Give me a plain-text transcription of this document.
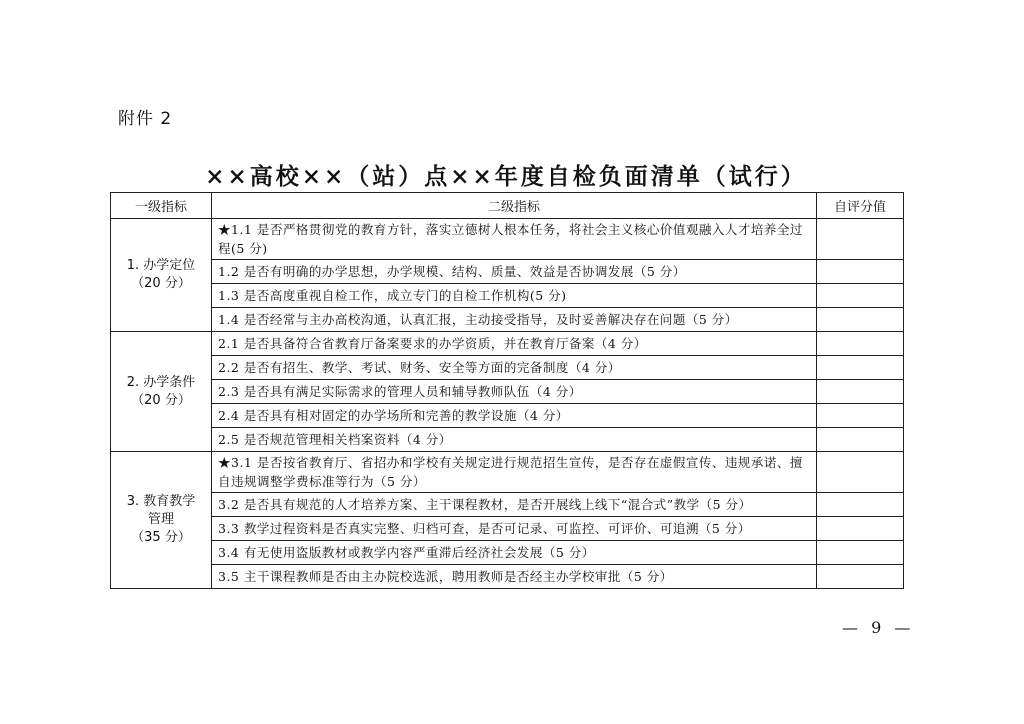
附件 2
××高校××（站）点××年度自检负面清单（试行）
一级指标	二级指标	自评分值

1. 办学定位
（20 分）	★1.1 是否严格贯彻党的教育方针，落实立德树人根本任务，将社会主义核心价值观融入人才培养全过程(5 分)	
	1.2 是否有明确的办学思想，办学规模、结构、质量、效益是否协调发展（5 分）	
	1.3 是否高度重视自检工作，成立专门的自检工作机构(5 分)	
	1.4 是否经常与主办高校沟通，认真汇报，主动接受指导，及时妥善解决存在问题（5 分）	

2. 办学条件
（20 分）	2.1 是否具备符合省教育厅备案要求的办学资质，并在教育厅备案（4 分）	
	2.2 是否有招生、教学、考试、财务、安全等方面的完备制度（4 分）	
	2.3 是否具有满足实际需求的管理人员和辅导教师队伍（4 分）	
	2.4 是否具有相对固定的办学场所和完善的教学设施（4 分）	
	2.5 是否规范管理相关档案资料（4 分）	

3. 教育教学
管理
（35 分）	★3.1 是否按省教育厅、省招办和学校有关规定进行规范招生宣传，是否存在虚假宣传、违规承诺、擅自违规调整学费标准等行为（5 分）	
	3.2 是否具有规范的人才培养方案、主干课程教材，是否开展线上线下“混合式”教学（5 分）	
	3.3 教学过程资料是否真实完整、归档可查，是否可记录、可监控、可评价、可追溯（5 分）	
	3.4 有无使用盗版教材或教学内容严重滞后经济社会发展（5 分）	
	3.5 主干课程教师是否由主办院校选派，聘用教师是否经主办学校审批（5 分）	
— 9 —
